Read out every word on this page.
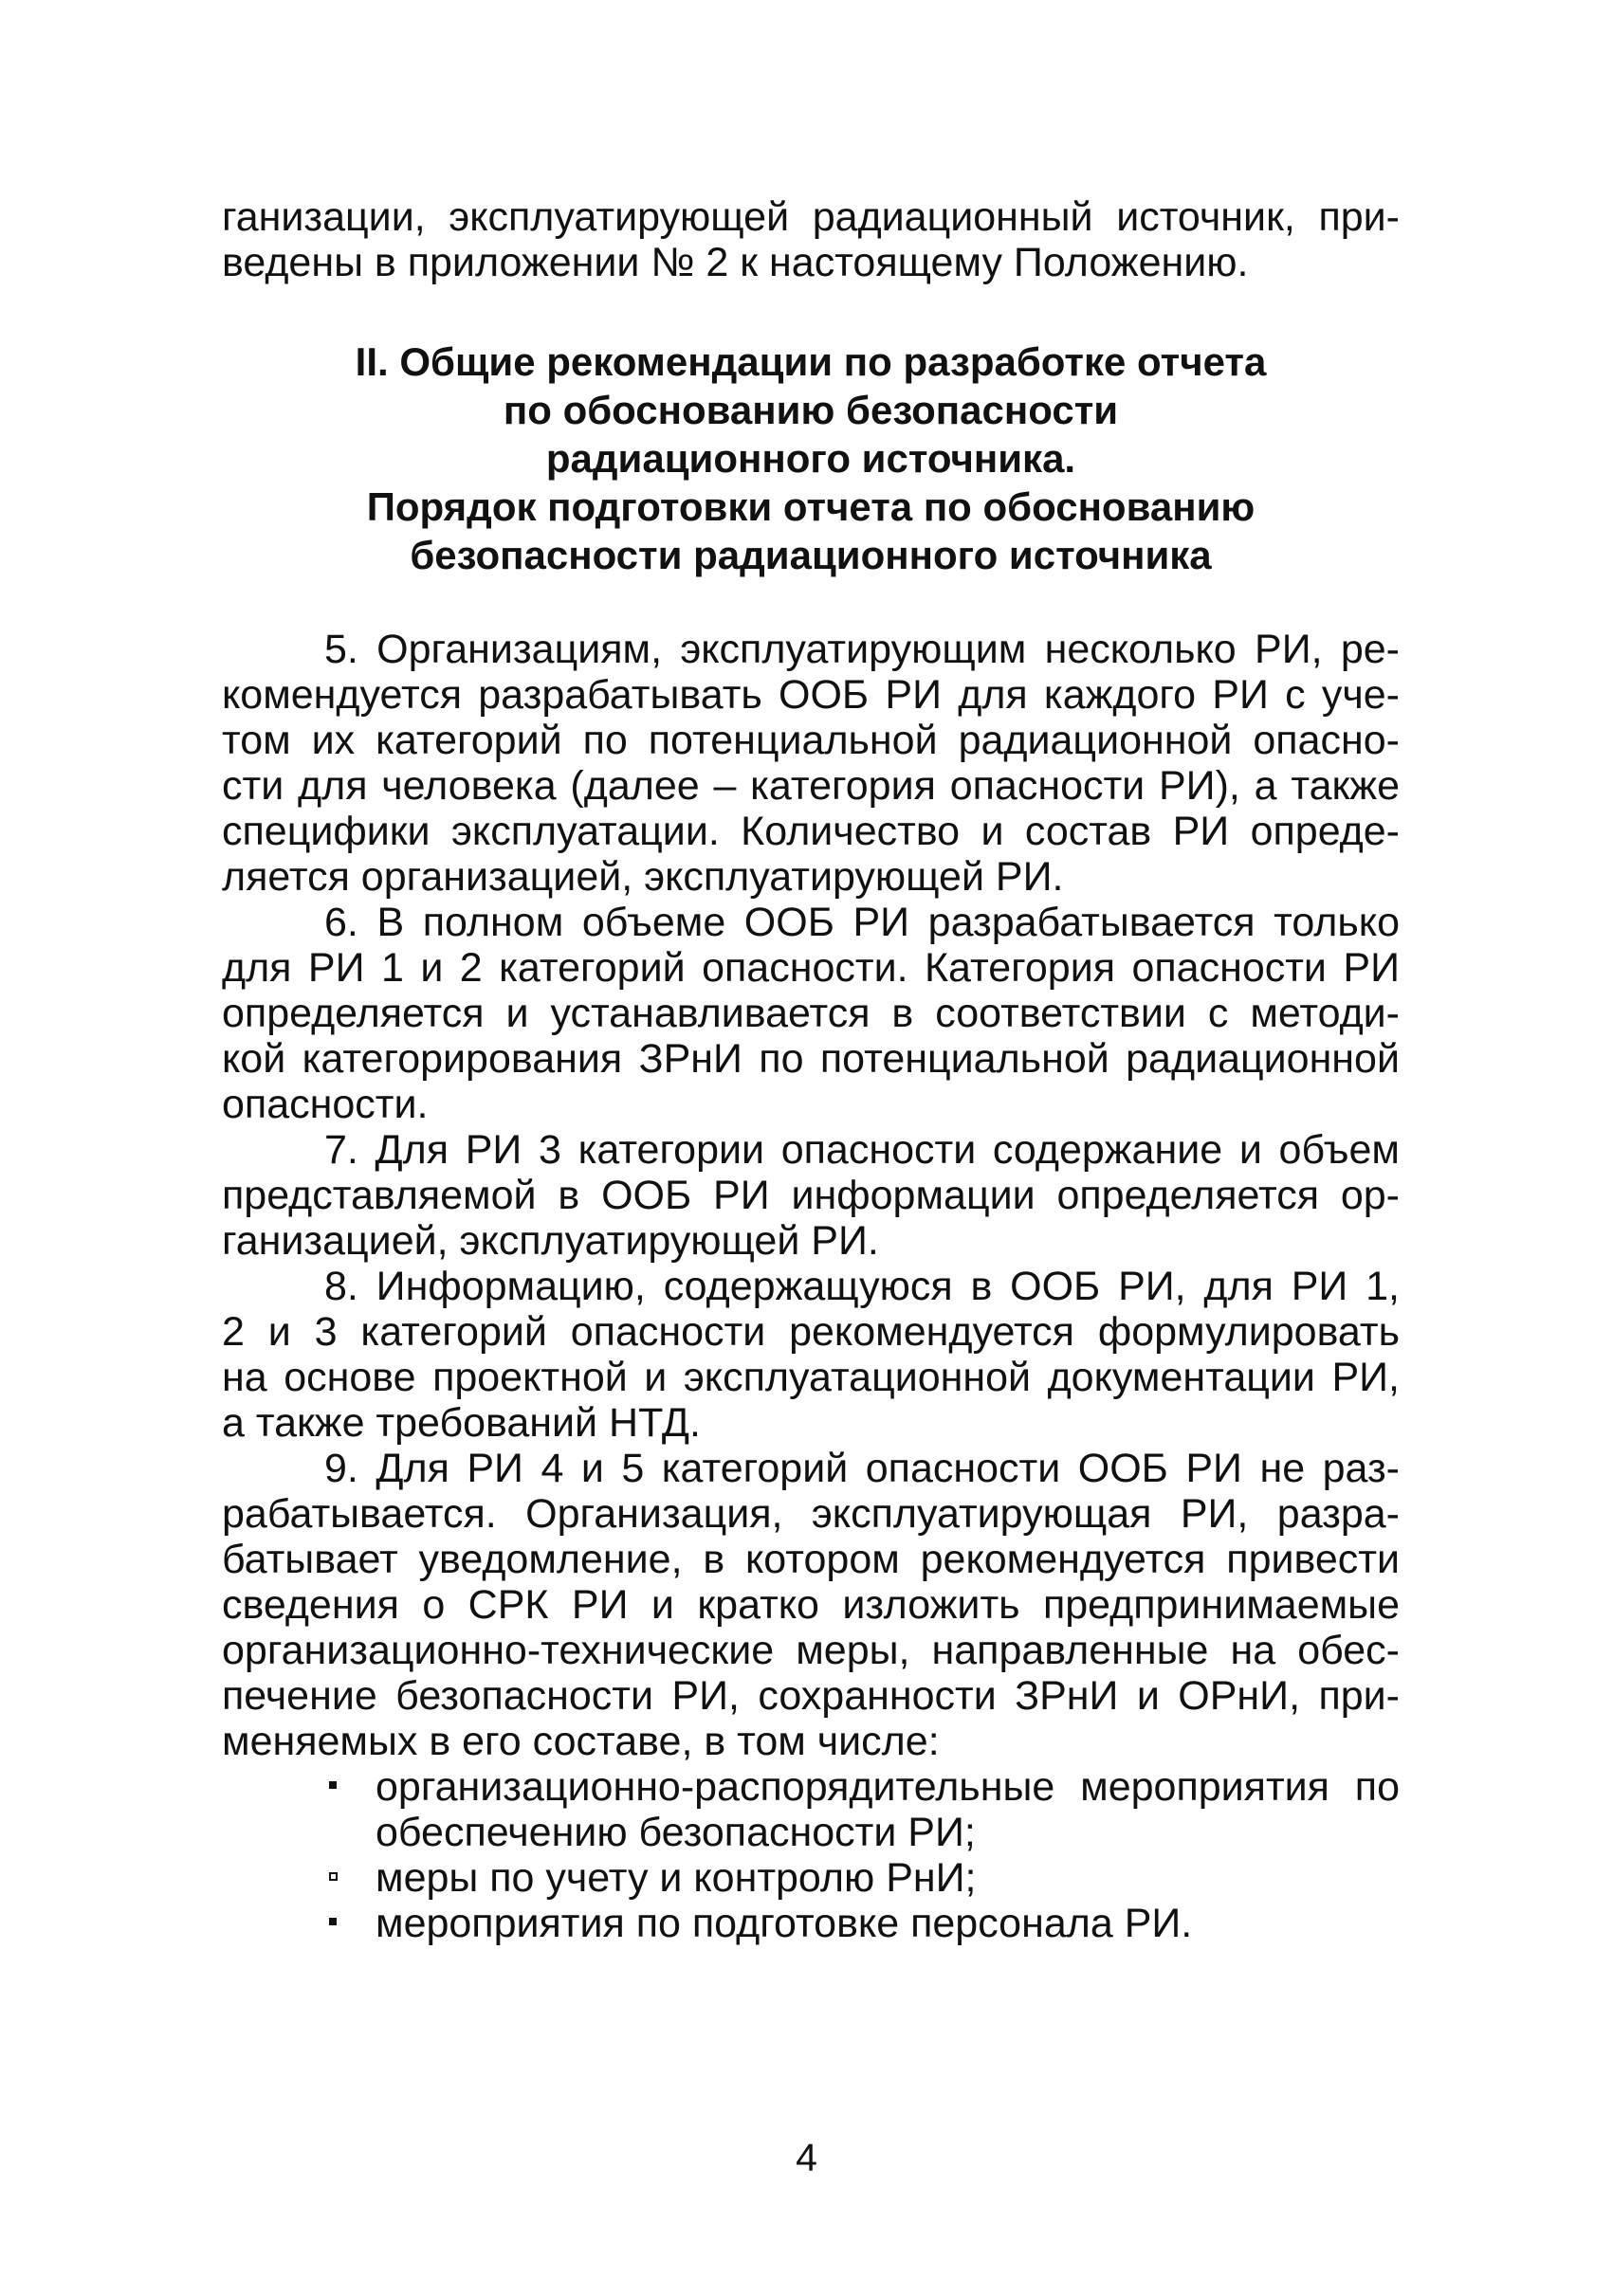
ганизации, эксплуатирующей радиационный источник, при-
ведены в приложении № 2 к настоящему Положению.
II. Общие рекомендации по разработке отчета
по обоснованию безопасности
радиационного источника.
Порядок подготовки отчета по обоснованию
безопасности радиационного источника
5. Организациям, эксплуатирующим несколько РИ, ре-
комендуется разрабатывать ООБ РИ для каждого РИ с уче-
том их категорий по потенциальной радиационной опасно-
сти для человека (далее – категория опасности РИ), а также
специфики эксплуатации. Количество и состав РИ опреде-
ляется организацией, эксплуатирующей РИ.
6. В полном объеме ООБ РИ разрабатывается только
для РИ 1 и 2 категорий опасности. Категория опасности РИ
определяется и устанавливается в соответствии с методи-
кой категорирования ЗРнИ по потенциальной радиационной
опасности.
7. Для РИ 3 категории опасности содержание и объем
представляемой в ООБ РИ информации определяется ор-
ганизацией, эксплуатирующей РИ.
8. Информацию, содержащуюся в ООБ РИ, для РИ 1,
2 и 3 категорий опасности рекомендуется формулировать
на основе проектной и эксплуатационной документации РИ,
а также требований НТД.
9. Для РИ 4 и 5 категорий опасности ООБ РИ не раз-
рабатывается. Организация, эксплуатирующая РИ, разра-
батывает уведомление, в котором рекомендуется привести
сведения о СРК РИ и кратко изложить предпринимаемые
организационно-технические меры, направленные на обес-
печение безопасности РИ, сохранности ЗРнИ и ОРнИ, при-
меняемых в его составе, в том числе:
организационно-распорядительные мероприятия по
обеспечению безопасности РИ;
меры по учету и контролю РнИ;
мероприятия по подготовке персонала РИ.
4
